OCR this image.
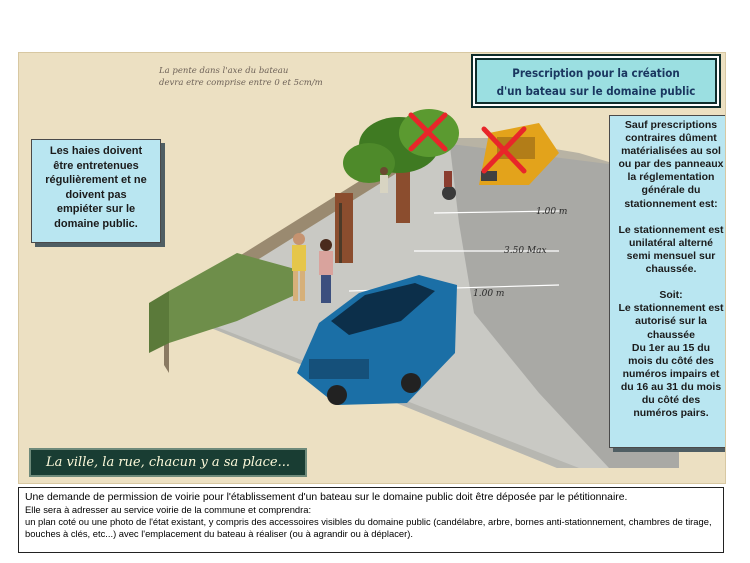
La pente dans l'axe du bateau
devra etre comprise entre 0 et 5cm/m
Prescription pour la création
d'un bateau sur le domaine public
Les haies doivent
être entretenues
régulièrement et ne
doivent pas
empiéter sur le
domaine public.
Sauf prescriptions
contraires dûment
matérialisées au sol
ou par des panneaux
la réglementation
générale du
stationnement est:

Le stationnement est
unilatéral alterné
semi mensuel sur
chaussée.

Soit:
Le stationnement est
autorisé sur la
chaussée
Du 1er au 15 du
mois du côté des
numéros impairs et
du 16 au 31 du mois
du côté des
numéros pairs.
1.00 m
3.50 Max
1.00 m
La ville, la rue, chacun y a sa place...

Une demande de permission de voirie pour l'établissement d'un bateau sur le domaine public doit être déposée par le pétitionnaire.

Elle sera à adresser au service voirie de la commune et comprendra:

un plan coté ou une photo de l'état existant, y compris des accessoires visibles du domaine public (candélabre, arbre, bornes anti-stationnement, chambres de tirage, bouches à clés, etc...) avec l'emplacement du bateau à réaliser (ou à agrandir ou à déplacer).
